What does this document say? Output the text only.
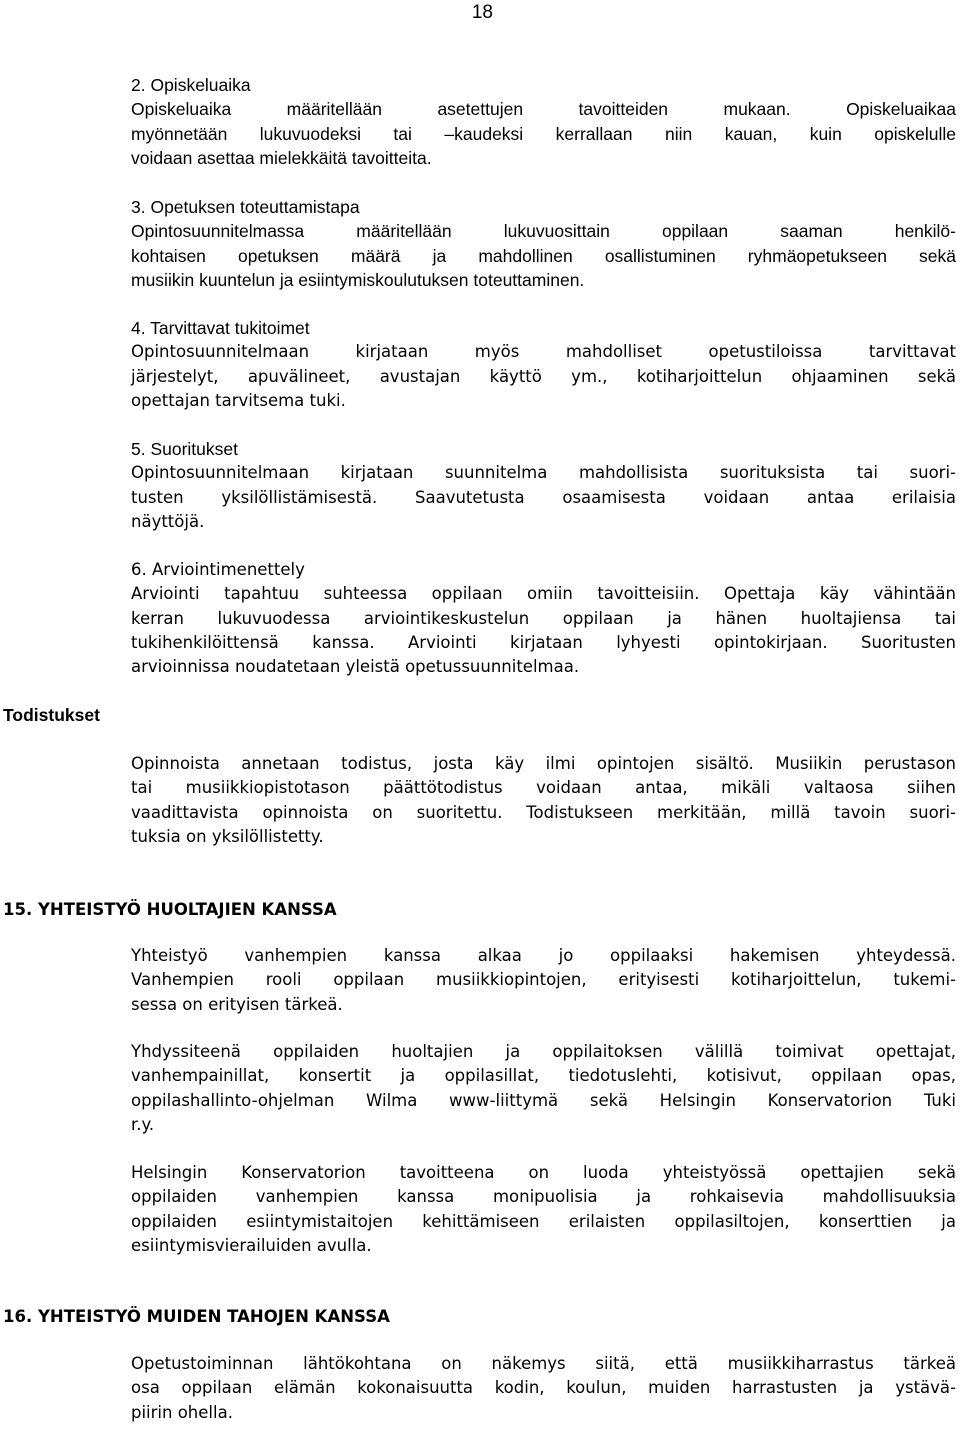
18

2. Opiskeluaika

Opiskeluaika määritellään asetettujen tavoitteiden mukaan. Opiskeluaikaa

myönnetään lukuvuodeksi tai –kaudeksi kerrallaan niin kauan, kuin opiskelulle

voidaan asettaa mielekkäitä tavoitteita.

3. Opetuksen toteuttamistapa

Opintosuunnitelmassa määritellään lukuvuosittain oppilaan saaman henkilö-

kohtaisen opetuksen määrä ja mahdollinen osallistuminen ryhmäopetukseen sekä

musiikin kuuntelun ja esiintymiskoulutuksen toteuttaminen.

4. Tarvittavat tukitoimet

Opintosuunnitelmaan kirjataan myös mahdolliset opetustiloissa tarvittavat

järjestelyt, apuvälineet, avustajan käyttö ym., kotiharjoittelun ohjaaminen sekä

opettajan tarvitsema tuki.

5. Suoritukset

Opintosuunnitelmaan kirjataan suunnitelma mahdollisista suorituksista tai suori-

tusten yksilöllistämisestä. Saavutetusta osaamisesta voidaan antaa erilaisia

näyttöjä.

6. Arviointimenettely

Arviointi tapahtuu suhteessa oppilaan omiin tavoitteisiin. Opettaja käy vähintään

kerran lukuvuodessa arviointikeskustelun oppilaan ja hänen huoltajiensa tai

tukihenkilöittensä kanssa. Arviointi kirjataan lyhyesti opintokirjaan. Suoritusten

arvioinnissa noudatetaan yleistä opetussuunnitelmaa.

Todistukset

Opinnoista annetaan todistus, josta käy ilmi opintojen sisältö. Musiikin perustason

tai musiikkiopistotason päättötodistus voidaan antaa, mikäli valtaosa siihen

vaadittavista opinnoista on suoritettu. Todistukseen merkitään, millä tavoin suori-

tuksia on yksilöllistetty.

15. YHTEISTYÖ HUOLTAJIEN KANSSA

Yhteistyö vanhempien kanssa alkaa jo oppilaaksi hakemisen yhteydessä.

Vanhempien rooli oppilaan musiikkiopintojen, erityisesti kotiharjoittelun, tukemi-

sessa on erityisen tärkeä.

Yhdyssiteenä oppilaiden huoltajien ja oppilaitoksen välillä toimivat opettajat,

vanhempainillat, konsertit ja oppilasillat, tiedotuslehti, kotisivut, oppilaan opas,

oppilashallinto-ohjelman Wilma www-liittymä sekä Helsingin Konservatorion Tuki

r.y.

Helsingin Konservatorion tavoitteena on luoda yhteistyössä opettajien sekä

oppilaiden vanhempien kanssa monipuolisia ja rohkaisevia mahdollisuuksia

oppilaiden esiintymistaitojen kehittämiseen erilaisten oppilasiltojen, konserttien ja

esiintymisvierailuiden avulla.

16. YHTEISTYÖ MUIDEN TAHOJEN KANSSA

Opetustoiminnan lähtökohtana on näkemys siitä, että musiikkiharrastus tärkeä

osa oppilaan elämän kokonaisuutta kodin, koulun, muiden harrastusten ja ystävä-

piirin ohella.
